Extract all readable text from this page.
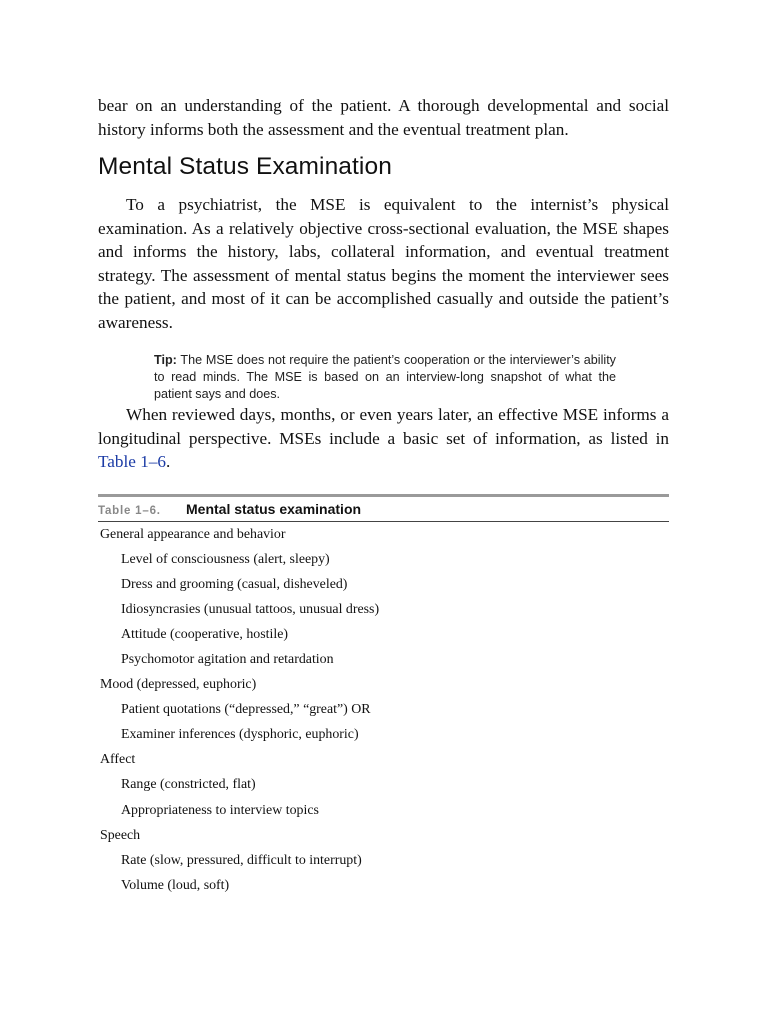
bear on an understanding of the patient. A thorough developmental and social history informs both the assessment and the eventual treatment plan.

Mental Status Examination

To a psychiatrist, the MSE is equivalent to the internist’s physical examination. As a relatively objective cross-sectional evaluation, the MSE shapes and informs the history, labs, collateral information, and eventual treatment strategy. The assessment of mental status begins the moment the interviewer sees the patient, and most of it can be accomplished casually and outside the patient’s awareness.

Tip: The MSE does not require the patient’s cooperation or the interviewer’s ability to read minds. The MSE is based on an interview-long snapshot of what the patient says and does.

When reviewed days, months, or even years later, an effective MSE informs a longitudinal perspective. MSEs include a basic set of information, as listed in Table 1–6.

Table 1–6.	Mental status examination
General appearance and behavior
Level of consciousness (alert, sleepy)
Dress and grooming (casual, disheveled)
Idiosyncrasies (unusual tattoos, unusual dress)
Attitude (cooperative, hostile)
Psychomotor agitation and retardation
Mood (depressed, euphoric)
Patient quotations (“depressed,” “great”) OR
Examiner inferences (dysphoric, euphoric)
Affect
Range (constricted, flat)
Appropriateness to interview topics
Speech
Rate (slow, pressured, difficult to interrupt)
Volume (loud, soft)
